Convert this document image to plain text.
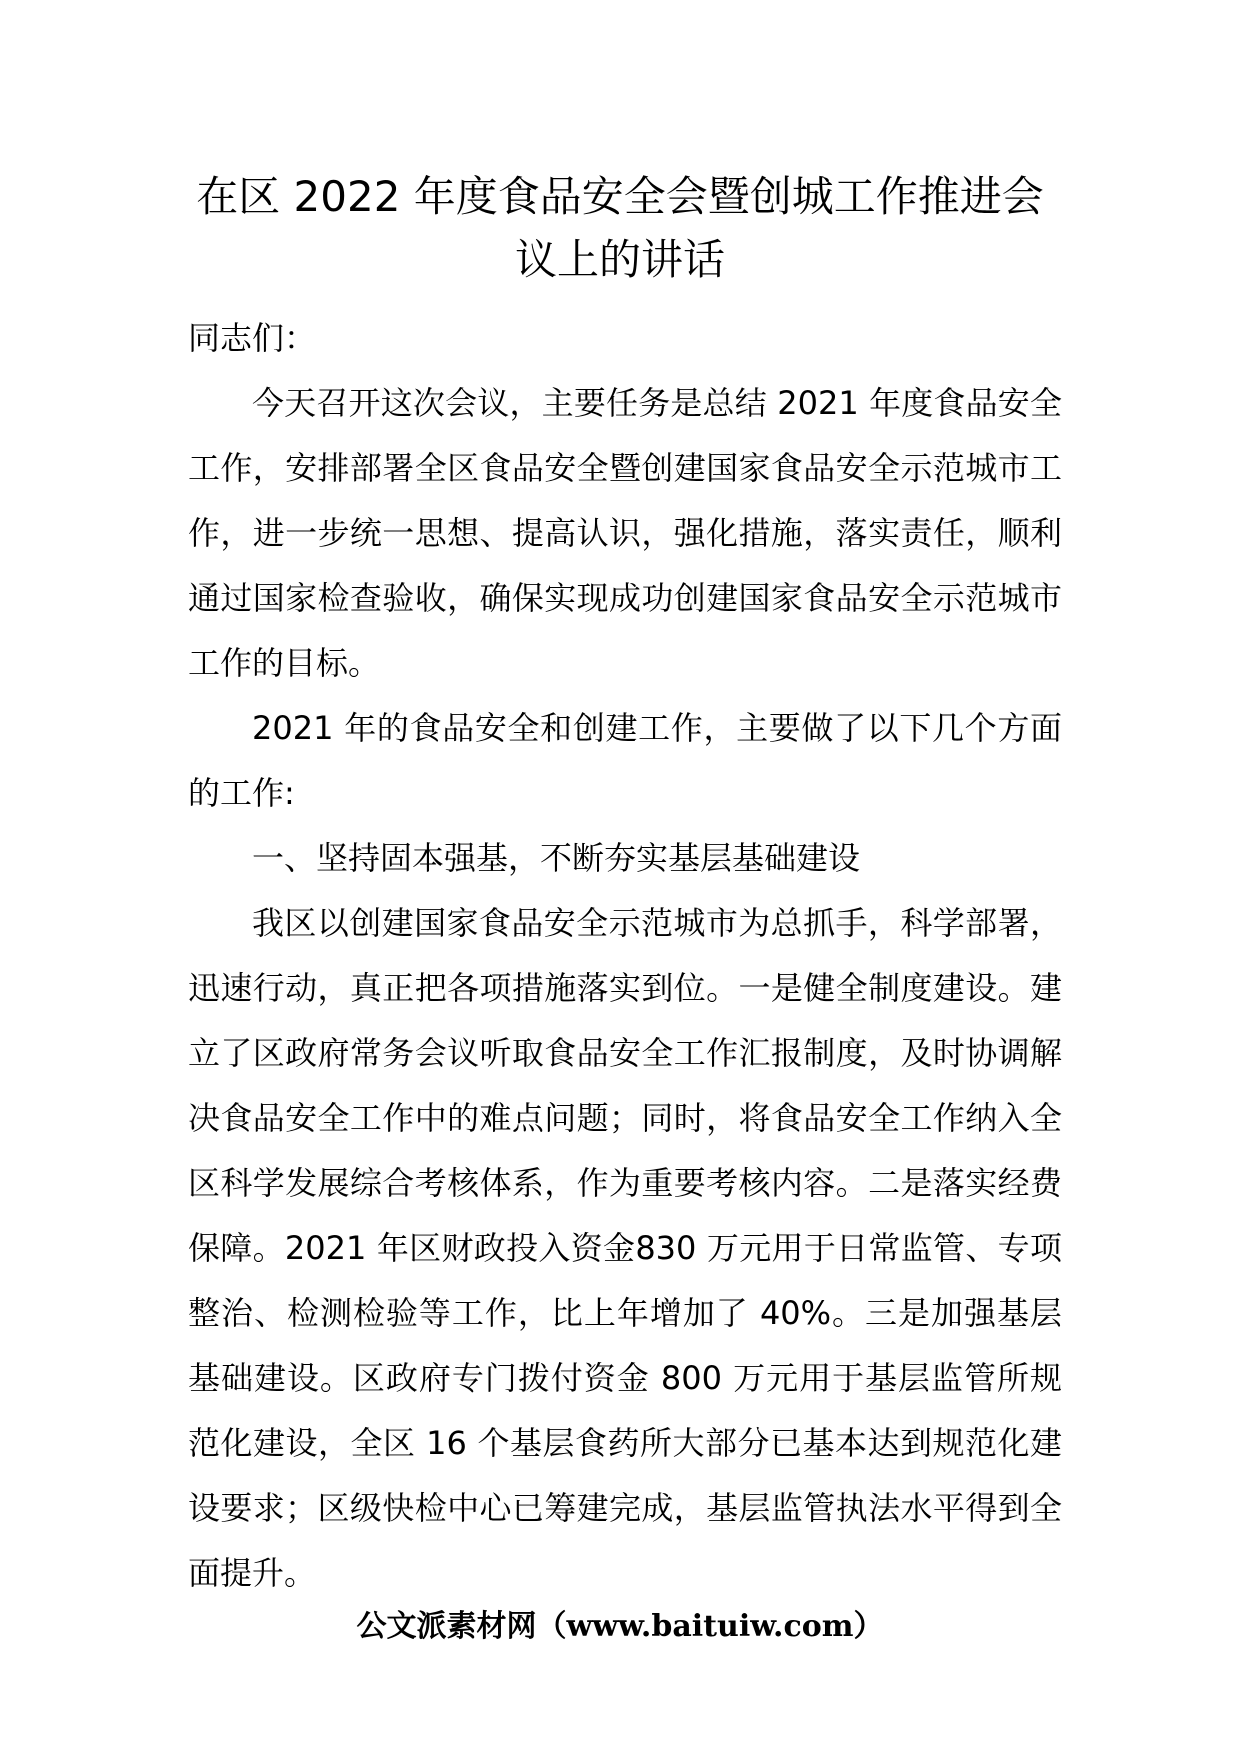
在区 2022 年度食品安全会暨创城工作推进会议上的讲话

同志们：

今天召开这次会议，主要任务是总结 2021 年度食品安全工作，安排部署全区食品安全暨创建国家食品安全示范城市工作，进一步统一思想、提高认识，强化措施，落实责任，顺利通过国家检查验收，确保实现成功创建国家食品安全示范城市工作的目标。

2021 年的食品安全和创建工作，主要做了以下几个方面的工作:

一、坚持固本强基，不断夯实基层基础建设

我区以创建国家食品安全示范城市为总抓手，科学部署，迅速行动，真正把各项措施落实到位。一是健全制度建设。建立了区政府常务会议听取食品安全工作汇报制度，及时协调解决食品安全工作中的难点问题；同时，将食品安全工作纳入全区科学发展综合考核体系，作为重要考核内容。二是落实经费保障。2021 年区财政投入资金830 万元用于日常监管、专项整治、检测检验等工作，比上年增加了 40%。三是加强基层基础建设。区政府专门拨付资金 800 万元用于基层监管所规范化建设，全区 16 个基层食药所大部分已基本达到规范化建设要求；区级快检中心已筹建完成，基层监管执法水平得到全面提升。

公文派素材网（www.baituiw.com）
